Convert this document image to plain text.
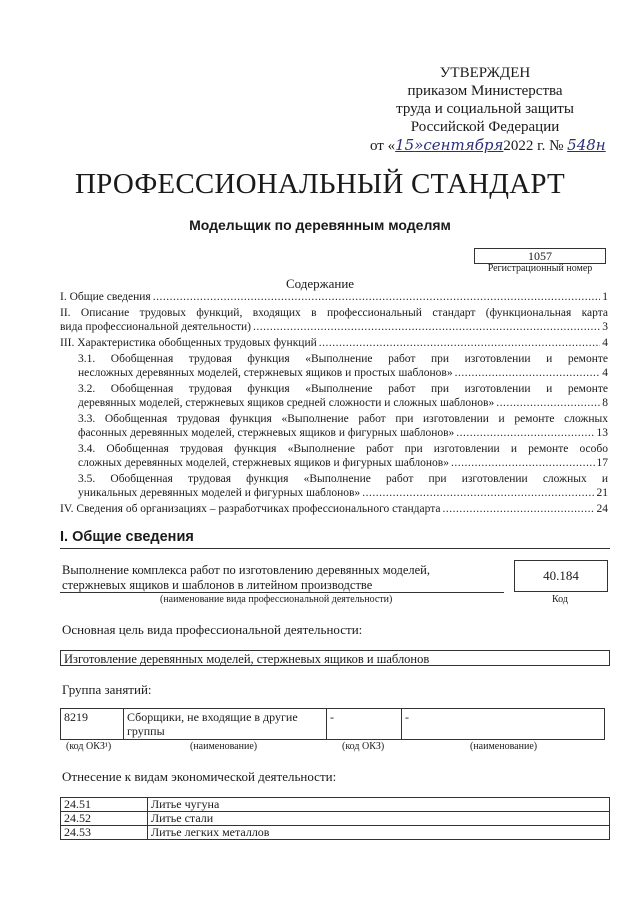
УТВЕРЖДЕН
приказом Министерства
труда и социальной защиты
Российской Федерации
от «15»сентября2022 г. № 548н
ПРОФЕССИОНАЛЬНЫЙ СТАНДАРТ
Модельщик по деревянным моделям
1057
Регистрационный номер
Содержание
I. Общие сведения .....	1
II. Описание трудовых функций, входящих в профессиональный стандарт (функциональная карта
вида профессиональной деятельности) .....	3
III. Характеристика обобщенных трудовых функций .....	4
3.1. Обобщенная трудовая функция «Выполнение работ при изготовлении и ремонте
несложных деревянных моделей, стержневых ящиков и простых шаблонов» .....	4
3.2. Обобщенная трудовая функция «Выполнение работ при изготовлении и ремонте
деревянных моделей, стержневых ящиков средней сложности и сложных шаблонов» .....	8
3.3. Обобщенная трудовая функция «Выполнение работ при изготовлении и ремонте сложных
фасонных деревянных моделей, стержневых ящиков и фигурных шаблонов» .....	13
3.4. Обобщенная трудовая функция «Выполнение работ при изготовлении и ремонте особо
сложных деревянных моделей, стержневых ящиков и фигурных шаблонов» .....	17
3.5. Обобщенная трудовая функция «Выполнение работ при изготовлении сложных и
уникальных деревянных моделей и фигурных шаблонов» .....	21
IV. Сведения об организациях – разработчиках профессионального стандарта .....	24
I. Общие сведения
Выполнение комплекса работ по изготовлению деревянных моделей,
стержневых ящиков и шаблонов в литейном производстве
(наименование вида профессиональной деятельности)
40.184
Код
Основная цель вида профессиональной деятельности:
Изготовление деревянных моделей, стержневых ящиков и шаблонов
Группа занятий:
8219	Сборщики, не входящие в другие группы	-	-
(код ОКЗ¹)	(наименование)	(код ОКЗ)	(наименование)
Отнесение к видам экономической деятельности:
24.51	Литье чугуна
24.52	Литье стали
24.53	Литье легких металлов
